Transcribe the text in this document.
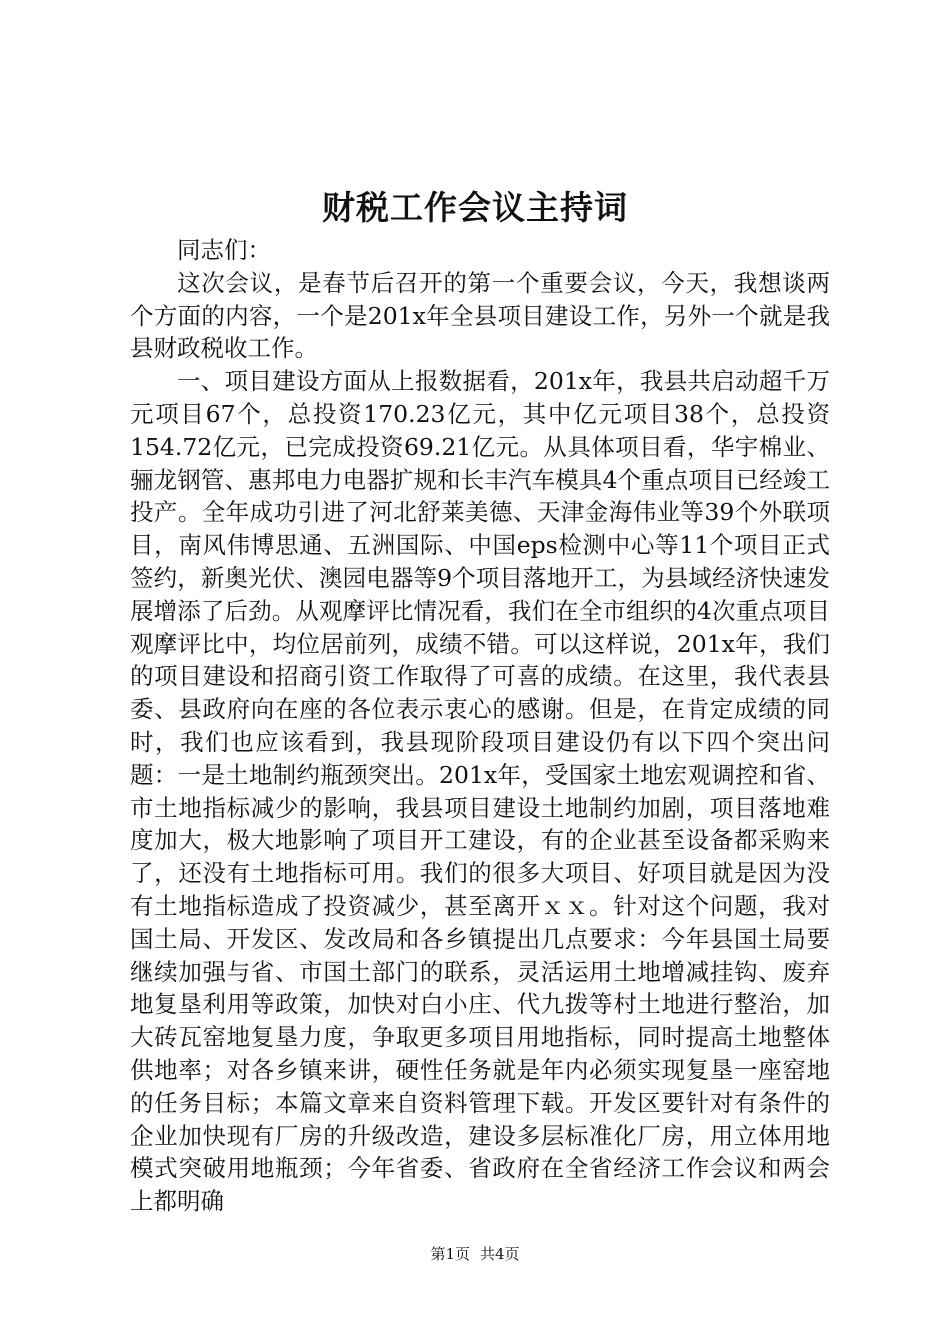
财税工作会议主持词

同志们：

这次会议，是春节后召开的第一个重要会议，今天，我想谈两个方面的内容，一个是201x年全县项目建设工作，另外一个就是我县财政税收工作。

一、项目建设方面从上报数据看，201x年，我县共启动超千万元项目67个，总投资170.23亿元，其中亿元项目38个，总投资154.72亿元，已完成投资69.21亿元。从具体项目看，华宇棉业、骊龙钢管、惠邦电力电器扩规和长丰汽车模具4个重点项目已经竣工投产。全年成功引进了河北舒莱美德、天津金海伟业等39个外联项目，南风伟博思通、五洲国际、中国eps检测中心等11个项目正式签约，新奥光伏、澳园电器等9个项目落地开工，为县域经济快速发展增添了后劲。从观摩评比情况看，我们在全市组织的4次重点项目观摩评比中，均位居前列，成绩不错。可以这样说，201x年，我们的项目建设和招商引资工作取得了可喜的成绩。在这里，我代表县委、县政府向在座的各位表示衷心的感谢。但是，在肯定成绩的同时，我们也应该看到，我县现阶段项目建设仍有以下四个突出问题：一是土地制约瓶颈突出。201x年，受国家土地宏观调控和省、市土地指标减少的影响，我县项目建设土地制约加剧，项目落地难度加大，极大地影响了项目开工建设，有的企业甚至设备都采购来了，还没有土地指标可用。我们的很多大项目、好项目就是因为没有土地指标造成了投资减少，甚至离开ｘｘ。针对这个问题，我对国土局、开发区、发改局和各乡镇提出几点要求：今年县国土局要继续加强与省、市国土部门的联系，灵活运用土地增减挂钩、废弃地复垦利用等政策，加快对白小庄、代九拨等村土地进行整治，加大砖瓦窑地复垦力度，争取更多项目用地指标，同时提高土地整体供地率；对各乡镇来讲，硬性任务就是年内必须实现复垦一座窑地的任务目标；本篇文章来自资料管理下载。开发区要针对有条件的企业加快现有厂房的升级改造，建设多层标准化厂房，用立体用地模式突破用地瓶颈；今年省委、省政府在全省经济工作会议和两会上都明确

第1页 共4页
